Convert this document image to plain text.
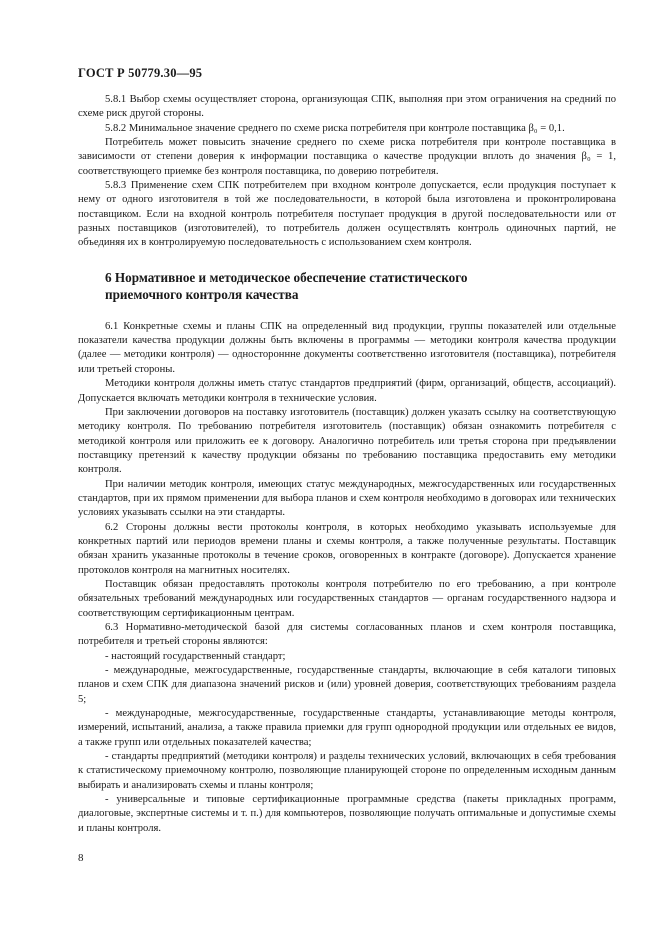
ГОСТ Р 50779.30—95

5.8.1 Выбор схемы осуществляет сторона, организующая СПК, выполняя при этом ограничения на средний по схеме риск другой стороны.

5.8.2 Минимальное значение среднего по схеме риска потребителя при контроле поставщика β₀ = 0,1.

Потребитель может повысить значение среднего по схеме риска потребителя при контроле поставщика в зависимости от степени доверия к информации поставщика о качестве продукции вплоть до значения β₀ = 1, соответствующего приемке без контроля поставщика, по доверию потребителя.

5.8.3 Применение схем СПК потребителем при входном контроле допускается, если продукция поступает к нему от одного изготовителя в той же последовательности, в которой была изготовлена и проконтролирована поставщиком. Если на входной контроль потребителя поступает продукция в другой последовательности или от разных поставщиков (изготовителей), то потребитель должен осуществлять контроль одиночных партий, не объединяя их в контролируемую последовательность с использованием схем контроля.

6 Нормативное и методическое обеспечение статистического
приемочного контроля качества

6.1 Конкретные схемы и планы СПК на определенный вид продукции, группы показателей или отдельные показатели качества продукции должны быть включены в программы — методики контроля качества продукции (далее — методики контроля) — одностороннне документы соответственно изготовителя (поставщика), потребителя или третьей стороны.

Методики контроля должны иметь статус стандартов предприятий (фирм, организаций, обществ, ассоциаций). Допускается включать методики контроля в технические условия.

При заключении договоров на поставку изготовитель (поставщик) должен указать ссылку на соответствующую методику контроля. По требованию потребителя изготовитель (поставщик) обязан ознакомить потребителя с методикой контроля или приложить ее к договору. Аналогично потребитель или третья сторона при предъявлении поставщику претензий к качеству продукции обязаны по требованию поставщика предоставить ему методики контроля.

При наличии методик контроля, имеющих статус международных, межгосударственных или государственных стандартов, при их прямом применении для выбора планов и схем контроля необходимо в договорах или технических условиях указывать ссылки на эти стандарты.

6.2 Стороны должны вести протоколы контроля, в которых необходимо указывать используемые для конкретных партий или периодов времени планы и схемы контроля, а также полученные результаты. Поставщик обязан хранить указанные протоколы в течение сроков, оговоренных в контракте (договоре). Допускается хранение протоколов контроля на магнитных носителях.

Поставщик обязан предоставлять протоколы контроля потребителю по его требованию, а при контроле обязательных требований международных или государственных стандартов — органам государственного надзора и соответствующим сертификационным центрам.

6.3 Нормативно-методической базой для системы согласованных планов и схем контроля поставщика, потребителя и третьей стороны являются:

- настоящий государственный стандарт;

- международные, межгосударственные, государственные стандарты, включающие в себя каталоги типовых планов и схем СПК для диапазона значений рисков и (или) уровней доверия, соответствующих требованиям раздела 5;

- международные, межгосударственные, государственные стандарты, устанавливающие методы контроля, измерений, испытаний, анализа, а также правила приемки для групп однородной продукции или отдельных ее видов, а также групп или отдельных показателей качества;

- стандарты предприятий (методики контроля) и разделы технических условий, включающих в себя требования к статистическому приемочному контролю, позволяющие планирующей стороне по определенным исходным данным выбирать и анализировать схемы и планы контроля;

- универсальные и типовые сертификационные программные средства (пакеты прикладных программ, диалоговые, экспертные системы и т. п.) для компьютеров, позволяющие получать оптимальные и допустимые схемы и планы контроля.

8
